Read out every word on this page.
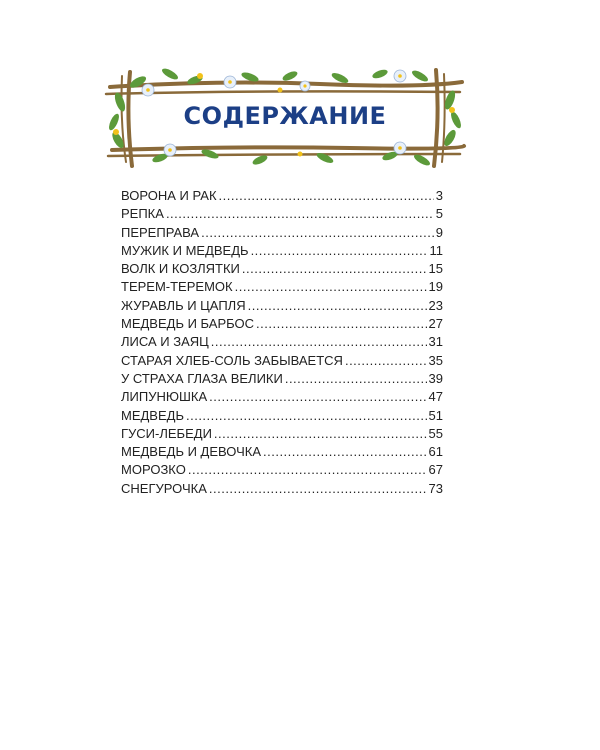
СОДЕРЖАНИЕ
ВОРОНА И РАК .....	3
РЕПКА .....	5
ПЕРЕПРАВА .....	9
МУЖИК И МЕДВЕДЬ .....	11
ВОЛК И КОЗЛЯТКИ .....	15
ТЕРЕМ-ТЕРЕМОК .....	19
ЖУРАВЛЬ И ЦАПЛЯ .....	23
МЕДВЕДЬ И БАРБОС .....	27
ЛИСА И ЗАЯЦ .....	31
СТАРАЯ ХЛЕБ-СОЛЬ ЗАБЫВАЕТСЯ .....	35
У СТРАХА ГЛАЗА ВЕЛИКИ .....	39
ЛИПУНЮШКА .....	47
МЕДВЕДЬ .....	51
ГУСИ-ЛЕБЕДИ .....	55
МЕДВЕДЬ И ДЕВОЧКА .....	61
МОРОЗКО .....	67
СНЕГУРОЧКА .....	73
